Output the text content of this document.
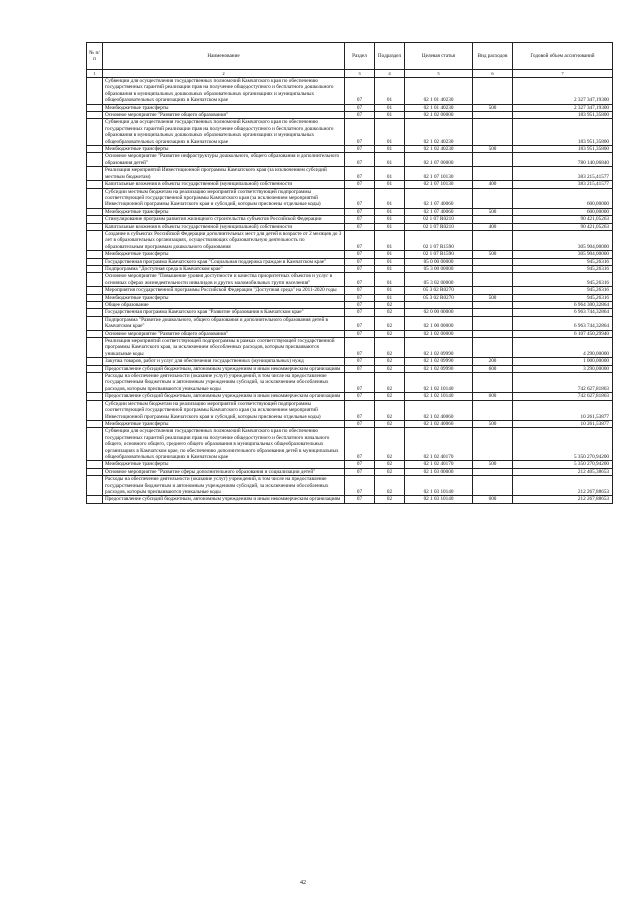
№ п/п	Наименование	Раздел	Подраздел	Целевая статья	Вид расходов	Годовой объем ассигнований
1	2	3	4	5	6	7
	Субвенции для осуществления государственных полномочий Камчатского края по обеспечению государственных гарантий реализации прав на получение общедоступного и бесплатного дошкольного образования в муниципальных дошкольных образовательных организациях и муниципальных общеобразовательных организациях в Камчатском крае	07	01	02 1 01 40230		2 327 347,19300
	Межбюджетные трансферты	07	01	02 1 01 40230	500	2 327 347,19300
	Основное мероприятие "Развитие общего образования"	07	01	02 1 02 00000		183 951,35800
	Субвенции для осуществления государственных полномочий Камчатского края по обеспечению государственных гарантий реализации прав на получение общедоступного и бесплатного дошкольного образования в муниципальных дошкольных образовательных организациях и муниципальных общеобразовательных организациях в Камчатском крае	07	01	02 1 02 40230		183 951,35800
	Межбюджетные трансферты	07	01	02 1 02 40230	500	183 951,35800
	Основное мероприятие "Развитие инфраструктуры дошкольного, общего образования и дополнительного образования детей"	07	01	02 1 07 00000		780 140,06840
	Реализация мероприятий Инвестиционной программы Камчатского края (за исключением субсидий местным бюджетам)	07	01	02 1 07 10130		383 215,41577
	Капитальные вложения в объекты государственной (муниципальной) собственности	07	01	02 1 07 10130	400	383 215,41577
	Субсидии местным бюджетам на реализацию мероприятий соответствующей подпрограммы соответствующей государственной программы Камчатского края (за исключением мероприятий Инвестиционной программы Камчатского края и субсидий, которым присвоены отдельные коды)	07	01	02 1 07 40060		600,00000
	Межбюджетные трансферты	07	01	02 1 07 40060	500	600,00000
	Стимулирование программ развития жилищного строительства субъектов Российской Федерации	07	01	02 1 07 R0210		90 421,05263
	Капитальные вложения в объекты государственной (муниципальной) собственности	07	01	02 1 07 R0210	400	90 421,05263
	Создание в субъектах Российской Федерации дополнительных мест для детей в возрасте от 2 месяцев до 3 лет в образовательных организациях, осуществляющих образовательную деятельность по образовательным программам дошкольного образования	07	01	02 1 07 R1590		305 904,00000
	Межбюджетные трансферты	07	01	02 1 07 R1590	500	305 904,00000
	Государственная программа Камчатского края "Социальная поддержка граждан в Камчатском крае"	07	01	05 0 00 00000		945,26316
	Подпрограмма "Доступная среда в Камчатском крае"	07	01	05 3 00 00000		945,26316
	Основное мероприятие "Повышение уровня доступности и качества приоритетных объектов и услуг в основных сферах жизнедеятельности инвалидов и других маломобильных групп населения"	07	01	05 3 02 00000		945,26316
	Мероприятия государственной программы Российской Федерации "Доступная среда" на 2011-2020 годы	07	01	05 3 02 R0270		945,26316
	Межбюджетные трансферты	07	01	05 3 02 R0270	500	945,26316
	Общее образование	07	02			6 964 300,32864
	Государственная программа Камчатского края "Развитие образования в Камчатском крае"	07	02	02 0 00 00000		6 963 744,32864
	Подпрограмма "Развитие дошкольного, общего образования и дополнительного образования детей в Камчатском крае"	07	02	02 1 00 00000		6 963 744,32864
	Основное мероприятие "Развитие общего образования"	07	02	02 1 02 00000		6 107 450,29940
	Реализация мероприятий соответствующей подпрограммы в рамках соответствующей государственной программы Камчатского края, за исключением обособленных расходов, которым присваиваются уникальные коды	07	02	02 1 02 09990		4 290,00000
	Закупка товаров, работ и услуг для обеспечения государственных (муниципальных) нужд	07	02	02 1 02 09990	200	1 000,00000
	Предоставление субсидий бюджетным, автономным учреждениям и иным некоммерческим организациям	07	02	02 1 02 09990	600	3 290,00000
	Расходы на обеспечение деятельности (оказание услуг) учреждений, в том числе на предоставление государственным бюджетным и автономным учреждениям субсидий, за исключением обособленных расходов, которым присваиваются уникальные коды	07	02	02 1 02 10140		742 627,81863
	Предоставление субсидий бюджетным, автономным учреждениям и иным некоммерческим организациям	07	02	02 1 02 10140	600	742 627,81863
	Субсидии местным бюджетам на реализацию мероприятий соответствующей подпрограммы соответствующей государственной программы Камчатского края (за исключением мероприятий Инвестиционной программы Камчатского края и субсидий, которым присвоены отдельные коды)	07	02	02 1 02 40060		10 261,53877
	Межбюджетные трансферты	07	02	02 1 02 40060	500	10 261,53877
	Субвенции для осуществления государственных полномочий Камчатского края по обеспечению государственных гарантий реализации прав на получение общедоступного и бесплатного начального общего, основного общего, среднего общего образования в муниципальных общеобразовательных организациях в Камчатском крае, по обеспечению дополнительного образования детей в муниципальных общеобразовательных организациях в Камчатском крае	07	02	02 1 02 40170		5 350 270,94200
	Межбюджетные трансферты	07	02	02 1 02 40170	500	5 350 270,94200
	Основное мероприятие "Развитие сферы дополнительного образования и социализации детей"	07	02	02 1 03 00000		212 405,38653
	Расходы на обеспечение деятельности (оказание услуг) учреждений, в том числе на предоставление государственным бюджетным и автономным учреждениям субсидий, за исключением обособленных расходов, которым присваиваются уникальные коды	07	02	02 1 03 10140		212 267,88653
	Предоставление субсидий бюджетным, автономным учреждениям и иным некоммерческим организациям	07	02	02 1 03 10140	600	212 267,88653
42
